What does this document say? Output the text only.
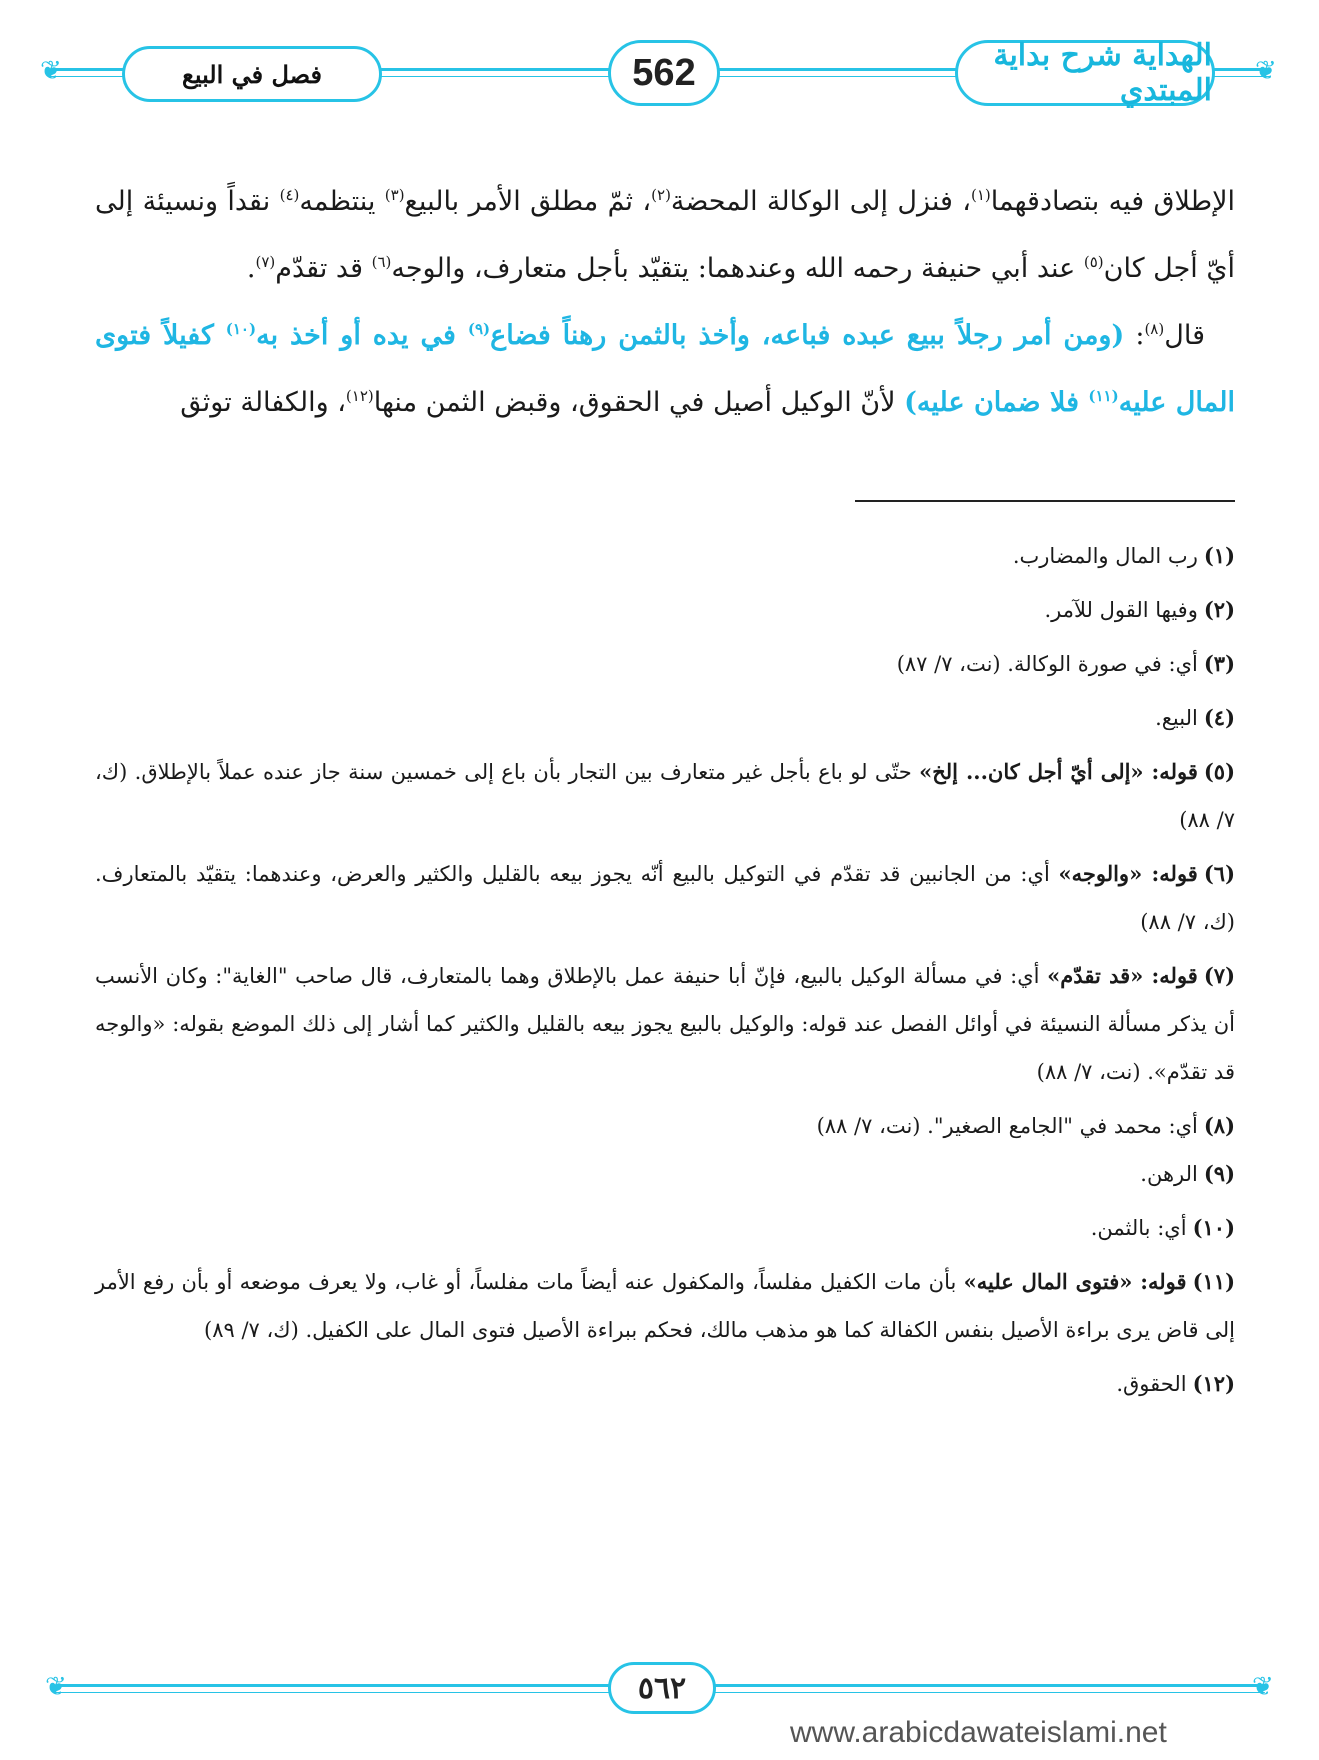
❦	❦
الهداية شرح بداية المبتدي
562
فصل في البيع

الإطلاق فيه بتصادقهما$^{(١)}$، فنزل إلى الوكالة المحضة$^{(٢)}$، ثمّ مطلق الأمر بالبيع$^{(٣)}$ ينتظمه$^{(٤)}$ نقداً ونسيئة إلى أيّ أجل كان$^{(٥)}$ عند أبي حنيفة رحمه الله وعندهما: يتقيّد بأجل متعارف، والوجه$^{(٦)}$ قد تقدّم$^{(٧)}$.

قال$^{(٨)}$: (ومن أمر رجلاً ببيع عبده فباعه، وأخذ بالثمن رهناً فضاع$^{(٩)}$ في يده أو أخذ به$^{(١٠)}$ كفيلاً فتوى المال عليه$^{(١١)}$ فلا ضمان عليه) لأنّ الوكيل أصيل في الحقوق، وقبض الثمن منها$^{(١٢)}$، والكفالة توثق

(١)رب المال والمضارب.

(٢)وفيها القول للآمر.

(٣)أي: في صورة الوكالة. (نت، ٧/ ٨٧)

(٤)البيع.

(٥)قوله: «إلى أيّ أجل كان... إلخ» حتّى لو باع بأجل غير متعارف بين التجار بأن باع إلى خمسين سنة جاز عنده عملاً بالإطلاق. (ك، ٧/ ٨٨)

(٦)قوله: «والوجه» أي: من الجانبين قد تقدّم في التوكيل بالبيع أنّه يجوز بيعه بالقليل والكثير والعرض، وعندهما: يتقيّد بالمتعارف. (ك، ٧/ ٨٨)

(٧)قوله: «قد تقدّم» أي: في مسألة الوكيل بالبيع، فإنّ أبا حنيفة عمل بالإطلاق وهما بالمتعارف، قال صاحب "الغاية": وكان الأنسب أن يذكر مسألة النسيئة في أوائل الفصل عند قوله: والوكيل بالبيع يجوز بيعه بالقليل والكثير كما أشار إلى ذلك الموضع بقوله: «والوجه قد تقدّم». (نت، ٧/ ٨٨)

(٨)أي: محمد في "الجامع الصغير". (نت، ٧/ ٨٨)

(٩)الرهن.

(١٠)أي: بالثمن.

(١١)قوله: «فتوى المال عليه» بأن مات الكفيل مفلساً، والمكفول عنه أيضاً مات مفلساً، أو غاب، ولا يعرف موضعه أو بأن رفع الأمر إلى قاض يرى براءة الأصيل بنفس الكفالة كما هو مذهب مالك، فحكم ببراءة الأصيل فتوى المال على الكفيل. (ك، ٧/ ٨٩)

(١٢)الحقوق.

❦	❦
٥٦٢
www.arabicdawateislami.net
